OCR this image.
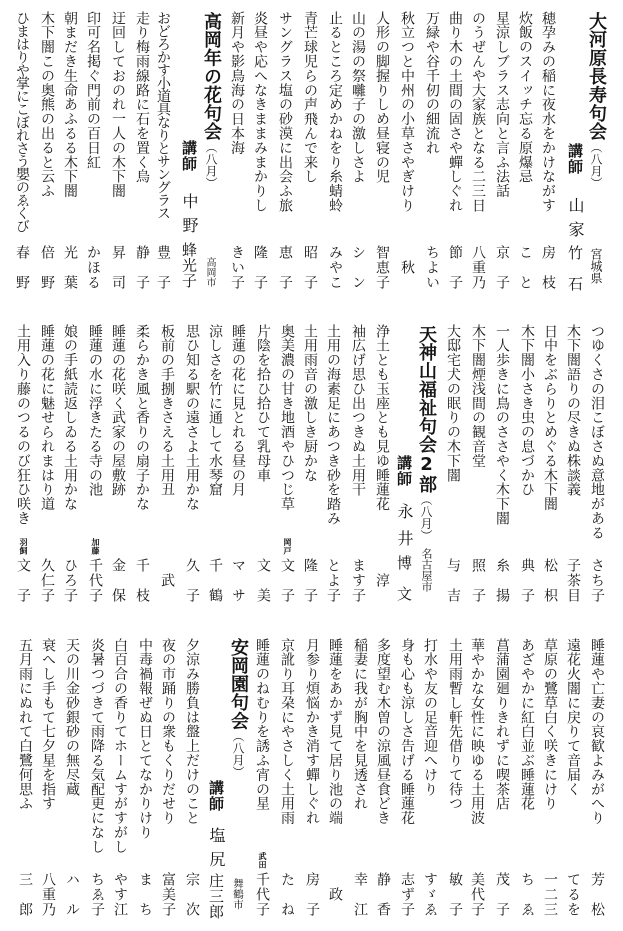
大河原長寿句会（八月）
宮城県
講師
山家
竹石
穂孕みの稲に夜水をかけながす
房枝
炊飯のスイッチ忘る原爆忌
こと
星涼しブラス志向と言ふ法話
京子
のうぜんや大家族となる二三日
八重乃
曲り木の土間の固さや蟬しぐれ
節子
万緑や谷千仞の細流れ
ちよい
秋立つと中州の小草さやぎけり
秋
人形の脚握りしめ昼寝の児
智恵子
山の湯の祭囃子の激しさよ
シン
止るところ定めかねをり糸蜻蛉
みやこ
青芒球児らの声飛んで来し
昭子
サングラス塩の砂漠に出会ふ旅
恵子
炎昼や応へなきままみまかりし
隆子
新月や影鳥海の日本海
きい子
高岡年の花句会（八月）
高岡市
講師
中野
蜂光子
おどろかす小道具なりとサングラス
豊子
走り梅雨線路に石を置く烏
静子
迂回しておのれ一人の木下闇
昇司
印可名掲ぐ門前の百日紅
かほる
朝まだき生命あふるる木下闇
光葉
木下闇この奥熊の出ると云ふ
倍野
ひまはりや掌にこぼれさう嬰のゑくび
春野
つゆくさの泪こぼさぬ意地がある
さち子
木下闇語りの尽きぬ株談義
子茶目
日中をぶらりとめぐる木下闇
松枳
木下闇小さき虫の息づかひ
典子
一人歩きに鳥のささやく木下闇
糸揚
木下闇煙浅間の観音堂
照子
大邸宅犬の眠りの木下闇
与吉
天神山福祉句会2部（八月）
名古屋市
講師
永井
博文
浄土とも玉座とも見ゆ睡蓮花
淳
袖広げ思ひ出つきぬ土用干
ます子
土用の海素足にあつき砂を踏み
とよ子
土用雨音の激しき厨かな
隆子
奥美濃の甘き地酒やひつじ草
岡戸
文子
片陰を拾ひ拾ひて乳母車
文美
睡蓮の花に見とれる昼の月
マサ
涼しさを竹に通して水琴窟
千鶴
思ひ知る駅の遠さよ土用かな
久子
板前の手捌きさえる土用丑
武
柔らかき風と香りの扇子かな
千枝
睡蓮の花咲く武家の屋敷跡
金保
睡蓮の水に浮きたる寺の池
加藤
千代子
娘の手紙読返しゐる土用かな
ひろ子
睡蓮の花に魅せられまはり道
久仁子
土用入り藤のつるのび狂ひ咲き
羽飼
文子
睡蓮や亡妻の哀歓よみがへり
芳松
遠花火闇に戻りて音届く
てるを
草原の鷺草白く咲きにけり
一二三
あざやかに紅白並ぶ睡蓮花
ちゑ
菖蒲園廻りきれずに喫茶店
茂子
華やかな女性に映ゆる土用波
美代子
土用雨暫し軒先借りて待つ
敏子
打水や友の足音迎へけり
すゞゑ
身も心も涼しさ告げる睡蓮花
志ず子
多度望む木曽の涼風昼食どき
静香
稲妻に我が胸中を見透され
幸江
睡蓮をあかず見て居り池の端
政
月参り煩悩かき消す蟬しぐれ
房子
京訛り耳朶にやさしく土用雨
たね
睡蓮のねむりを誘ふ宵の星
武田
千代子
安岡園句会（八月）
舞鶴市
講師
塩尻
庄三郎
夕涼み勝負は盤上だけのこと
宗次
夜の市踊りの衆もくりだせり
富美子
中毒禍報ぜぬ日とてなかりけり
まち
白百合の香りてホームすがすがし
やす江
炎暑つづきて雨降る気配更になし
ちゑ子
天の川金砂銀砂の無尽蔵
ハル
衰へし手もて七夕星を指す
八重乃
五月雨にぬれて白鷺何思ふ
三郎
